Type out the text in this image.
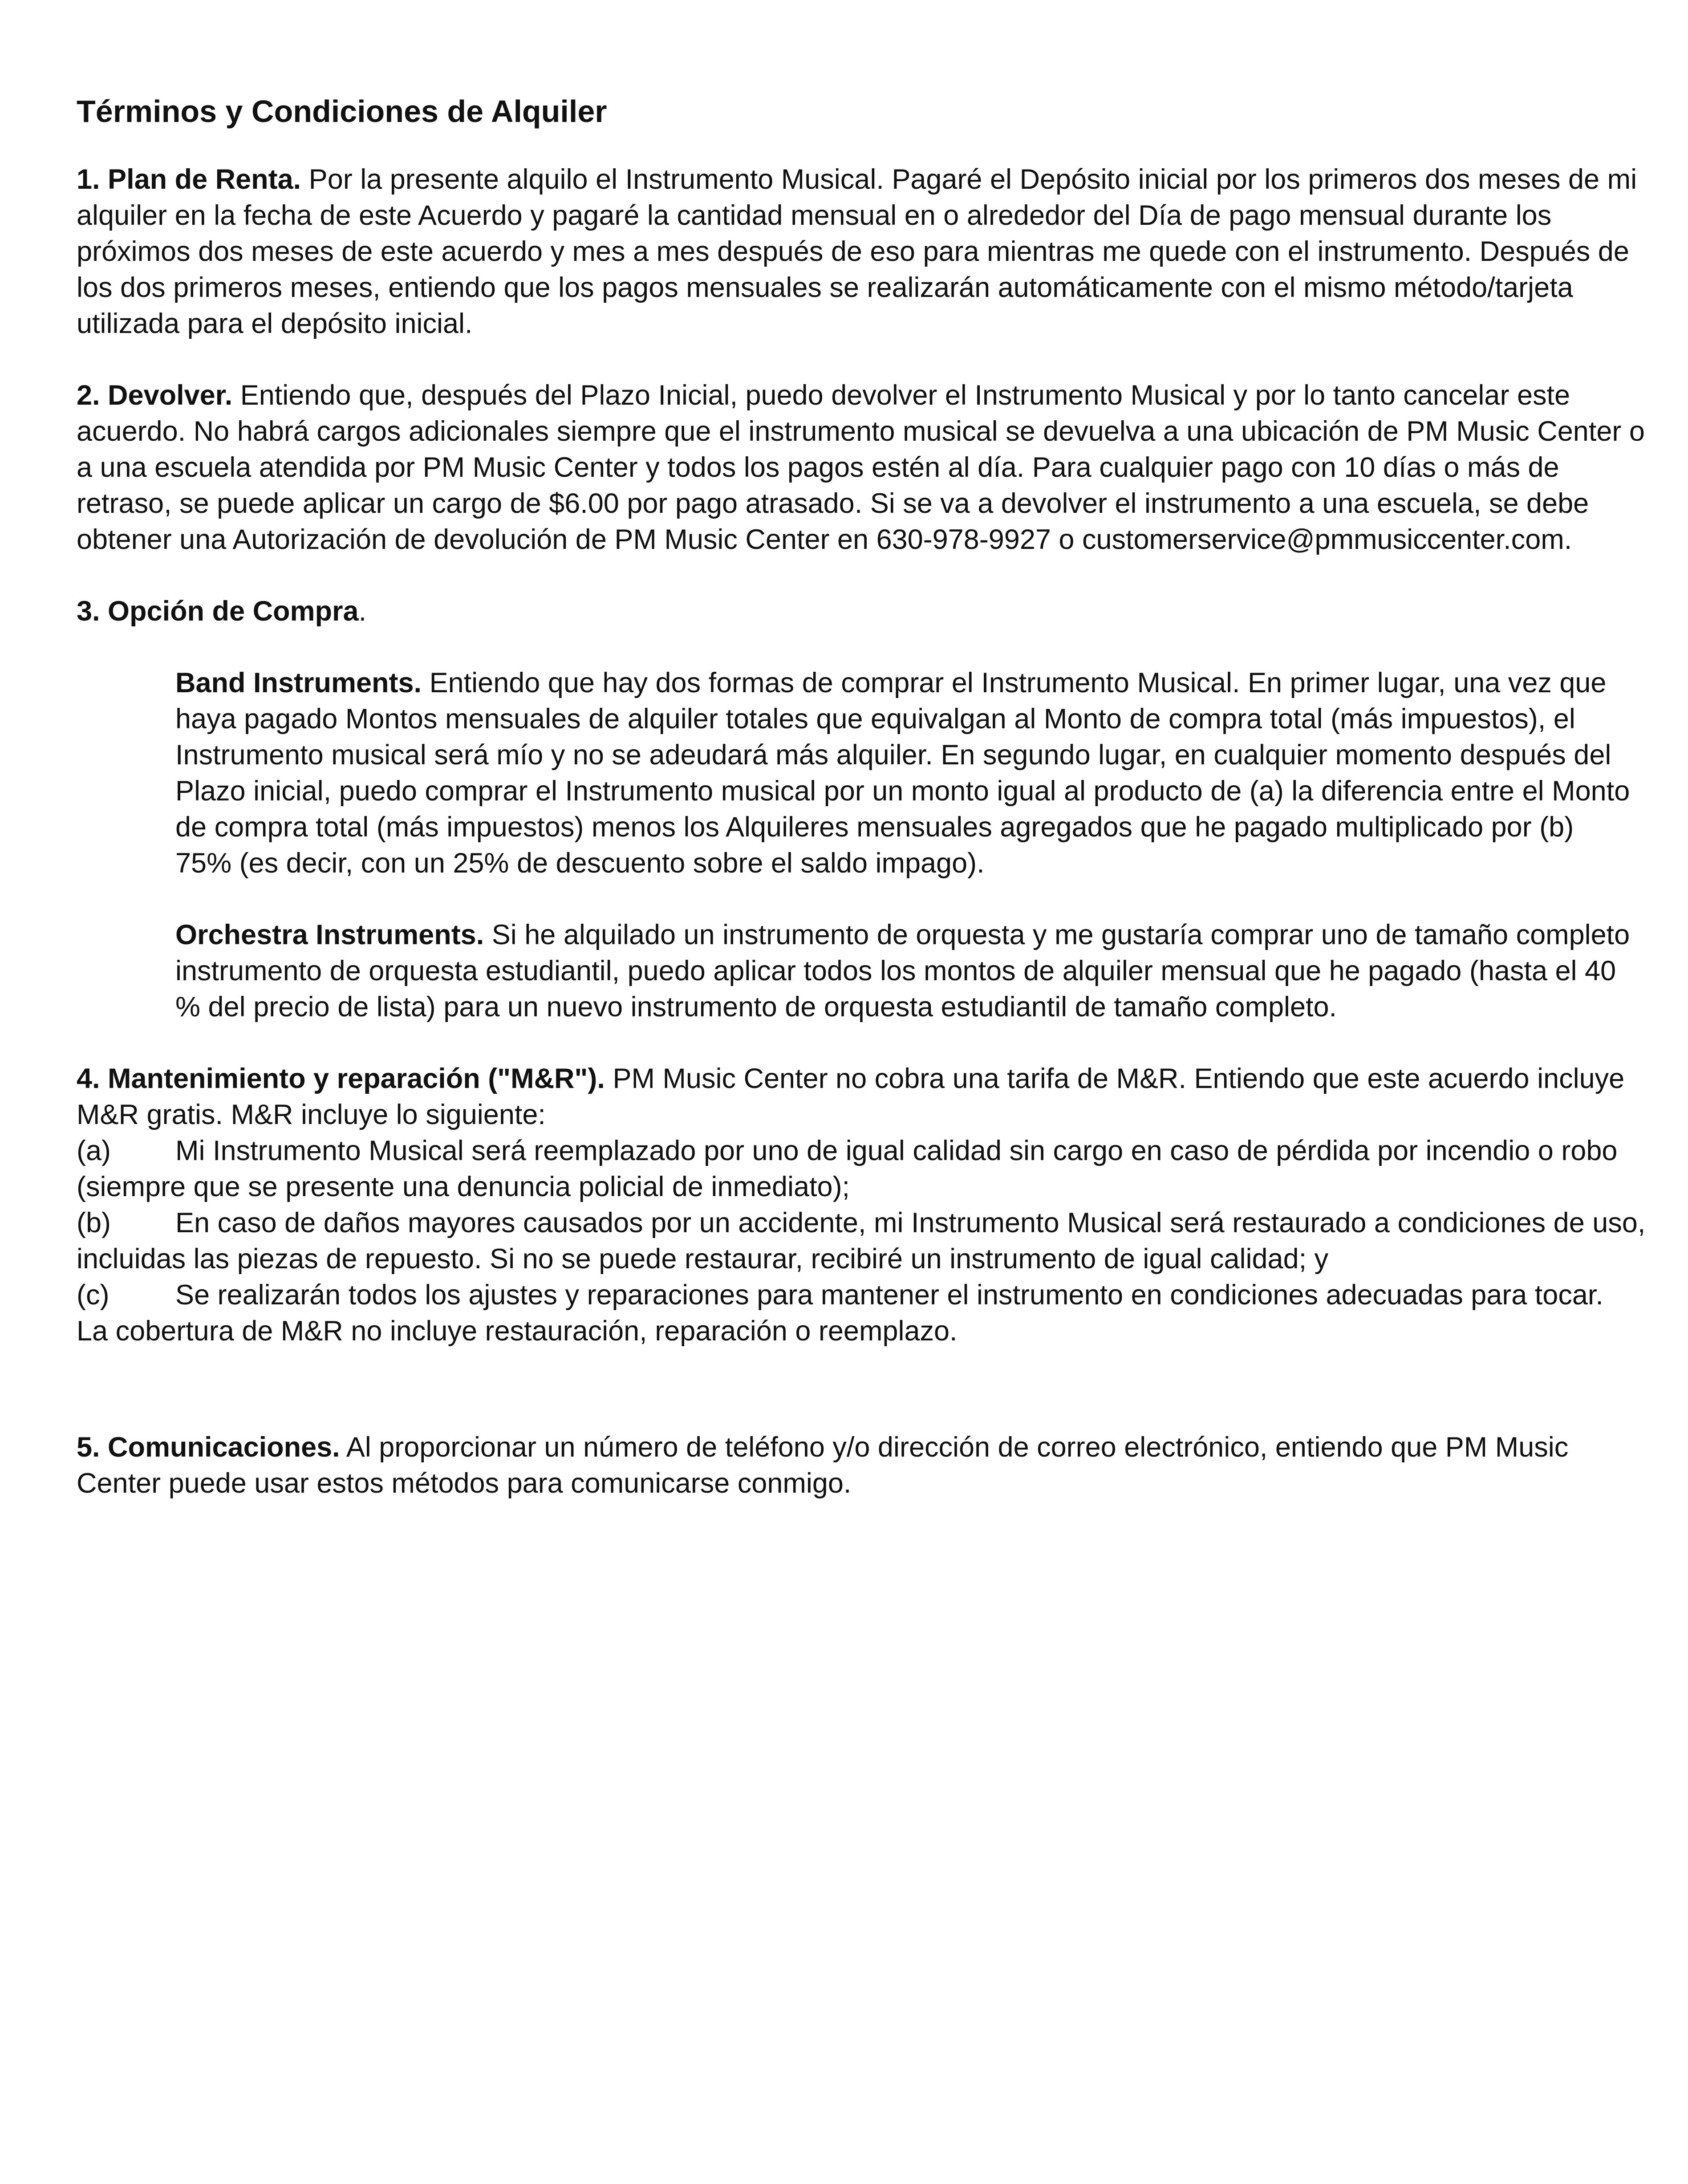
Términos y Condiciones de Alquiler

1. Plan de Renta. Por la presente alquilo el Instrumento Musical. Pagaré el Depósito inicial por los primeros dos meses de mi alquiler en la fecha de este Acuerdo y pagaré la cantidad mensual en o alrededor del Día de pago mensual durante los próximos dos meses de este acuerdo y mes a mes después de eso para mientras me quede con el instrumento. Después de los dos primeros meses, entiendo que los pagos mensuales se realizarán automáticamente con el mismo método/tarjeta utilizada para el depósito inicial.

2. Devolver. Entiendo que, después del Plazo Inicial, puedo devolver el Instrumento Musical y por lo tanto cancelar este acuerdo. No habrá cargos adicionales siempre que el instrumento musical se devuelva a una ubicación de PM Music Center o a una escuela atendida por PM Music Center y todos los pagos estén al día. Para cualquier pago con 10 días o más de retraso, se puede aplicar un cargo de $6.00 por pago atrasado. Si se va a devolver el instrumento a una escuela, se debe obtener una Autorización de devolución de PM Music Center en 630-978-9927 o customerservice@pmmusiccenter.com.

3. Opción de Compra.

Band Instruments. Entiendo que hay dos formas de comprar el Instrumento Musical. En primer lugar, una vez que haya pagado Montos mensuales de alquiler totales que equivalgan al Monto de compra total (más impuestos), el Instrumento musical será mío y no se adeudará más alquiler. En segundo lugar, en cualquier momento después del Plazo inicial, puedo comprar el Instrumento musical por un monto igual al producto de (a) la diferencia entre el Monto de compra total (más impuestos) menos los Alquileres mensuales agregados que he pagado multiplicado por (b) 75% (es decir, con un 25% de descuento sobre el saldo impago).

Orchestra Instruments. Si he alquilado un instrumento de orquesta y me gustaría comprar uno de tamaño completo instrumento de orquesta estudiantil, puedo aplicar todos los montos de alquiler mensual que he pagado (hasta el 40 % del precio de lista) para un nuevo instrumento de orquesta estudiantil de tamaño completo.

4. Mantenimiento y reparación ("M&R"). PM Music Center no cobra una tarifa de M&R. Entiendo que este acuerdo incluye M&R gratis. M&R incluye lo siguiente:

(a) Mi Instrumento Musical será reemplazado por uno de igual calidad sin cargo en caso de pérdida por incendio o robo (siempre que se presente una denuncia policial de inmediato);

(b) En caso de daños mayores causados por un accidente, mi Instrumento Musical será restaurado a condiciones de uso, incluidas las piezas de repuesto. Si no se puede restaurar, recibiré un instrumento de igual calidad; y

(c) Se realizarán todos los ajustes y reparaciones para mantener el instrumento en condiciones adecuadas para tocar.

La cobertura de M&R no incluye restauración, reparación o reemplazo.

5. Comunicaciones. Al proporcionar un número de teléfono y/o dirección de correo electrónico, entiendo que PM Music Center puede usar estos métodos para comunicarse conmigo.
